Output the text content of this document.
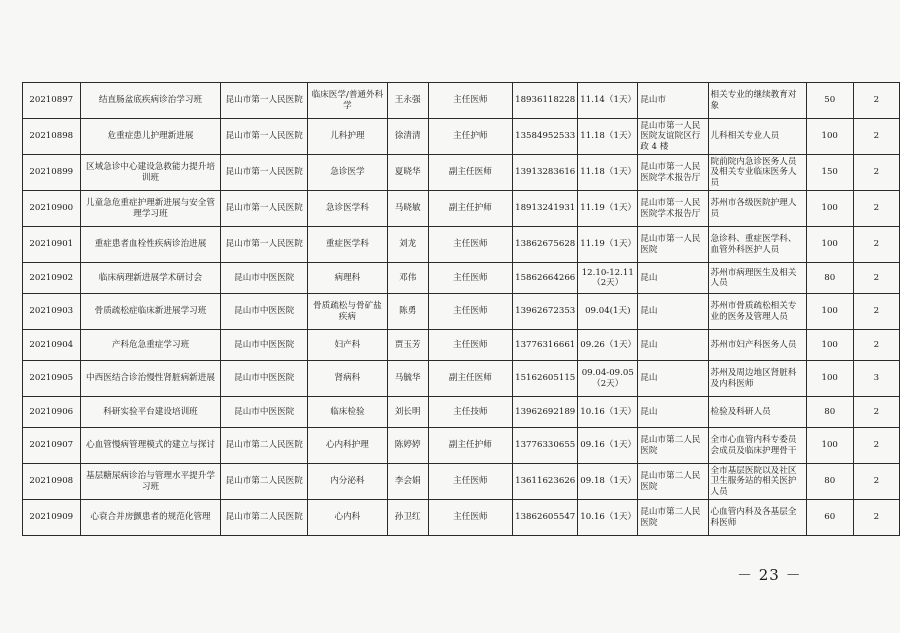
20210897	结直肠盆底疾病诊治学习班	昆山市第一人民医院	临床医学/普通外科学	王永强	主任医师	18936118228	11.14（1天）	昆山市	相关专业的继续教育对象	50	2
20210898	危重症患儿护理新进展	昆山市第一人民医院	儿科护理	徐清清	主任护师	13584952533	11.18（1天）	昆山市第一人民医院友谊院区行政 4 楼	儿科相关专业人员	100	2
20210899	区域急诊中心建设急救能力提升培训班	昆山市第一人民医院	急诊医学	夏晓华	副主任医师	13913283616	11.18（1天）	昆山市第一人民医院学术报告厅	院前院内急诊医务人员及相关专业临床医务人员	150	2
20210900	儿童急危重症护理新进展与安全管理学习班	昆山市第一人民医院	急诊医学科	马晓敏	副主任护师	18913241931	11.19（1天）	昆山市第一人民医院学术报告厅	苏州市各级医院护理人员	100	2
20210901	重症患者血栓性疾病诊治进展	昆山市第一人民医院	重症医学科	刘龙	主任医师	13862675628	11.19（1天）	昆山市第一人民医院	急诊科、重症医学科、血管外科医护人员	100	2
20210902	临床病理新进展学术研讨会	昆山市中医医院	病理科	邓伟	主任医师	15862664266	12.10-12.11（2天）	昆山	苏州市病理医生及相关人员	80	2
20210903	骨质疏松症临床新进展学习班	昆山市中医医院	骨质疏松与骨矿盐疾病	陈勇	主任医师	13962672353	09.04(1天)	昆山	苏州市骨质疏松相关专业的医务及管理人员	100	2
20210904	产科危急重症学习班	昆山市中医医院	妇产科	贾玉芳	主任医师	13776316661	09.26（1天）	昆山	苏州市妇产科医务人员	100	2
20210905	中西医结合诊治慢性肾脏病新进展	昆山市中医医院	肾病科	马毓华	副主任医师	15162605115	09.04-09.05（2天）	昆山	苏州及周边地区肾脏科及内科医师	100	3
20210906	科研实验平台建设培训班	昆山市中医医院	临床检验	刘长明	主任技师	13962692189	10.16（1天）	昆山	检验及科研人员	80	2
20210907	心血管慢病管理模式的建立与探讨	昆山市第二人民医院	心内科护理	陈婷婷	副主任护师	13776330655	09.16（1天）	昆山市第二人民医院	全市心血管内科专委员会成员及临床护理骨干	100	2
20210908	基层糖尿病诊治与管理水平提升学习班	昆山市第二人民医院	内分泌科	李会娟	主任医师	13611623626	09.18（1天）	昆山市第二人民医院	全市基层医院以及社区卫生服务站的相关医护人员	80	2
20210909	心衰合并房颤患者的规范化管理	昆山市第二人民医院	心内科	孙卫红	主任医师	13862605547	10.16（1天）	昆山市第二人民医院	心血管内科及各基层全科医师	60	2
－ 23 －
